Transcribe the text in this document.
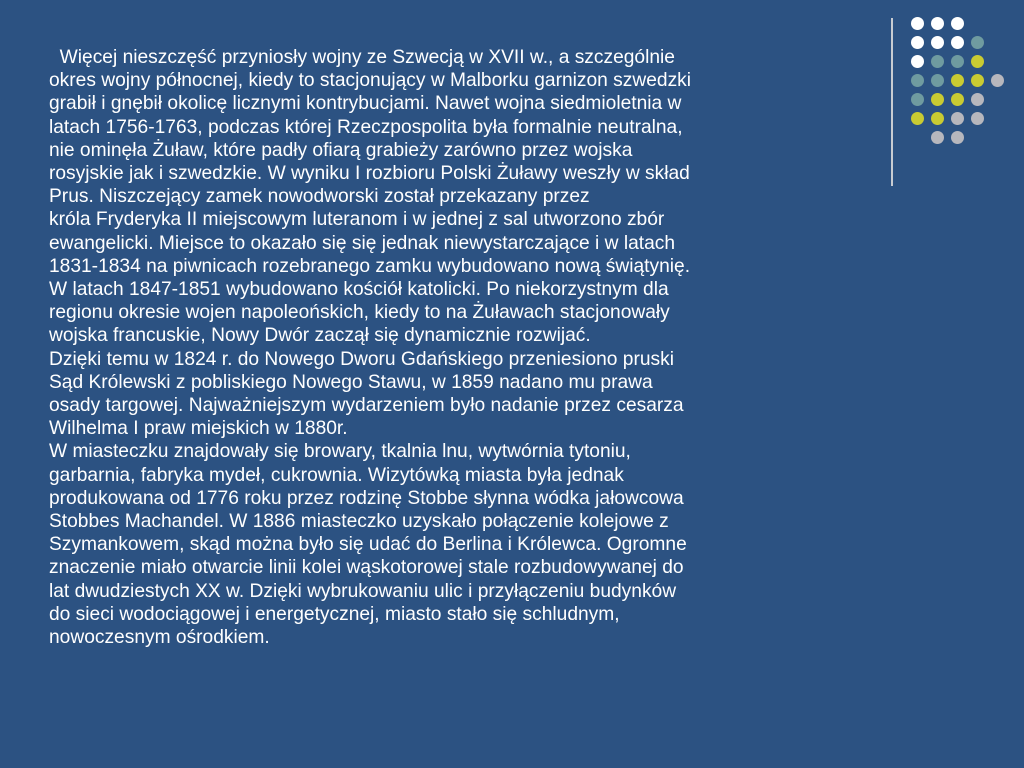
Więcej nieszczęść przyniosły wojny ze Szwecją w XVII w., a szczególnie
okres wojny północnej, kiedy to stacjonujący w Malborku garnizon szwedzki
grabił i gnębił okolicę licznymi kontrybucjami. Nawet wojna siedmioletnia w
latach 1756-1763, podczas której Rzeczpospolita była formalnie neutralna,
nie ominęła Żuław, które padły ofiarą grabieży zarówno przez wojska
rosyjskie jak i szwedzkie. W wyniku I rozbioru Polski Żuławy weszły w skład
Prus. Niszczejący zamek nowodworski został przekazany przez
króla Fryderyka II miejscowym luteranom i w jednej z sal utworzono zbór
ewangelicki. Miejsce to okazało się się jednak niewystarczające i w latach
1831-1834 na piwnicach rozebranego zamku wybudowano nową świątynię.
W latach 1847-1851 wybudowano kościół katolicki. Po niekorzystnym dla
regionu okresie wojen napoleońskich, kiedy to na Żuławach stacjonowały
wojska francuskie, Nowy Dwór zaczął się dynamicznie rozwijać.
Dzięki temu w 1824 r. do Nowego Dworu Gdańskiego przeniesiono pruski
Sąd Królewski z pobliskiego Nowego Stawu, w 1859 nadano mu prawa
osady targowej. Najważniejszym wydarzeniem było nadanie przez cesarza
Wilhelma I praw miejskich w 1880r.
W miasteczku znajdowały się browary, tkalnia lnu, wytwórnia tytoniu,
garbarnia, fabryka mydeł, cukrownia. Wizytówką miasta była jednak
produkowana od 1776 roku przez rodzinę Stobbe słynna wódka jałowcowa
Stobbes Machandel. W 1886 miasteczko uzyskało połączenie kolejowe z
Szymankowem, skąd można było się udać do Berlina i Królewca. Ogromne
znaczenie miało otwarcie linii kolei wąskotorowej stale rozbudowywanej do
lat dwudziestych XX w. Dzięki wybrukowaniu ulic i przyłączeniu budynków
do sieci wodociągowej i energetycznej, miasto stało się schludnym,
nowoczesnym ośrodkiem.
